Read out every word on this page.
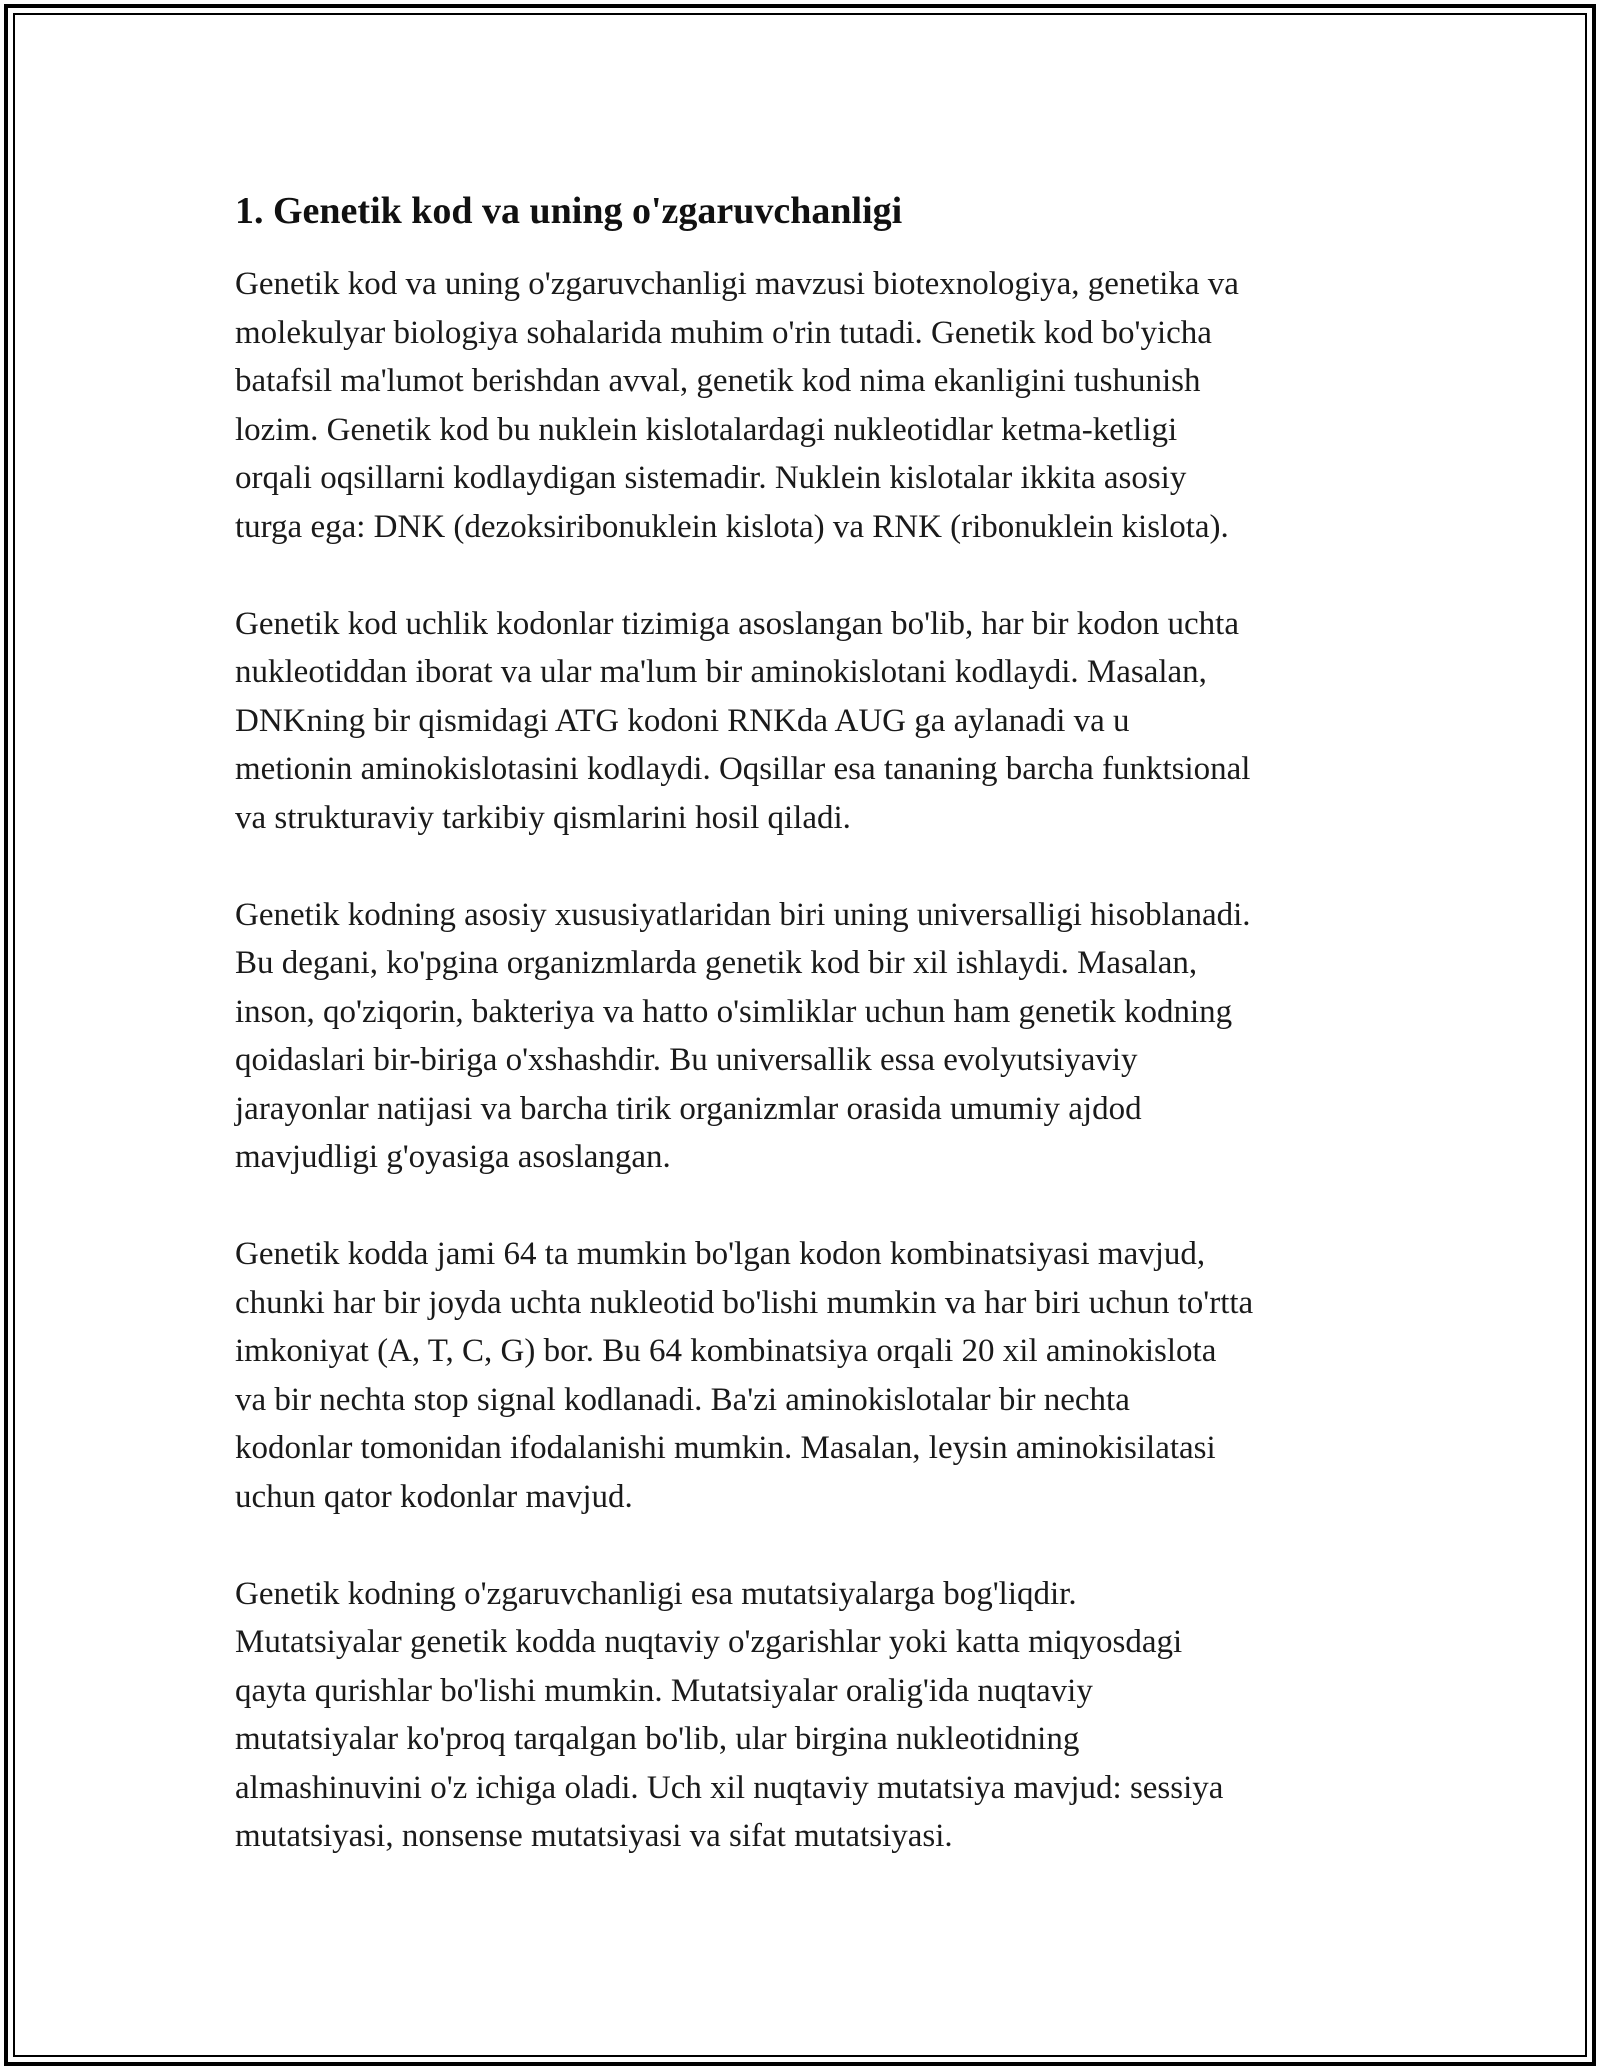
1. Genetik kod va uning o'zgaruvchanligi

Genetik kod va uning o'zgaruvchanligi mavzusi biotexnologiya, genetika va
molekulyar biologiya sohalarida muhim o'rin tutadi. Genetik kod bo'yicha
batafsil ma'lumot berishdan avval, genetik kod nima ekanligini tushunish
lozim. Genetik kod bu nuklein kislotalardagi nukleotidlar ketma-ketligi
orqali oqsillarni kodlaydigan sistemadir. Nuklein kislotalar ikkita asosiy
turga ega: DNK (dezoksiribonuklein kislota) va RNK (ribonuklein kislota).

Genetik kod uchlik kodonlar tizimiga asoslangan bo'lib, har bir kodon uchta
nukleotiddan iborat va ular ma'lum bir aminokislotani kodlaydi. Masalan,
DNKning bir qismidagi ATG kodoni RNKda AUG ga aylanadi va u
metionin aminokislotasini kodlaydi. Oqsillar esa tananing barcha funktsional
va strukturaviy tarkibiy qismlarini hosil qiladi.

Genetik kodning asosiy xususiyatlaridan biri uning universalligi hisoblanadi.
Bu degani, ko'pgina organizmlarda genetik kod bir xil ishlaydi. Masalan,
inson, qo'ziqorin, bakteriya va hatto o'simliklar uchun ham genetik kodning
qoidaslari bir-biriga o'xshashdir. Bu universallik essa evolyutsiyaviy
jarayonlar natijasi va barcha tirik organizmlar orasida umumiy ajdod
mavjudligi g'oyasiga asoslangan.

Genetik kodda jami 64 ta mumkin bo'lgan kodon kombinatsiyasi mavjud,
chunki har bir joyda uchta nukleotid bo'lishi mumkin va har biri uchun to'rtta
imkoniyat (A, T, C, G) bor. Bu 64 kombinatsiya orqali 20 xil aminokislota
va bir nechta stop signal kodlanadi. Ba'zi aminokislotalar bir nechta
kodonlar tomonidan ifodalanishi mumkin. Masalan, leysin aminokisilatasi
uchun qator kodonlar mavjud.

Genetik kodning o'zgaruvchanligi esa mutatsiyalarga bog'liqdir.
Mutatsiyalar genetik kodda nuqtaviy o'zgarishlar yoki katta miqyosdagi
qayta qurishlar bo'lishi mumkin. Mutatsiyalar oralig'ida nuqtaviy
mutatsiyalar ko'proq tarqalgan bo'lib, ular birgina nukleotidning
almashinuvini o'z ichiga oladi. Uch xil nuqtaviy mutatsiya mavjud: sessiya
mutatsiyasi, nonsense mutatsiyasi va sifat mutatsiyasi.
